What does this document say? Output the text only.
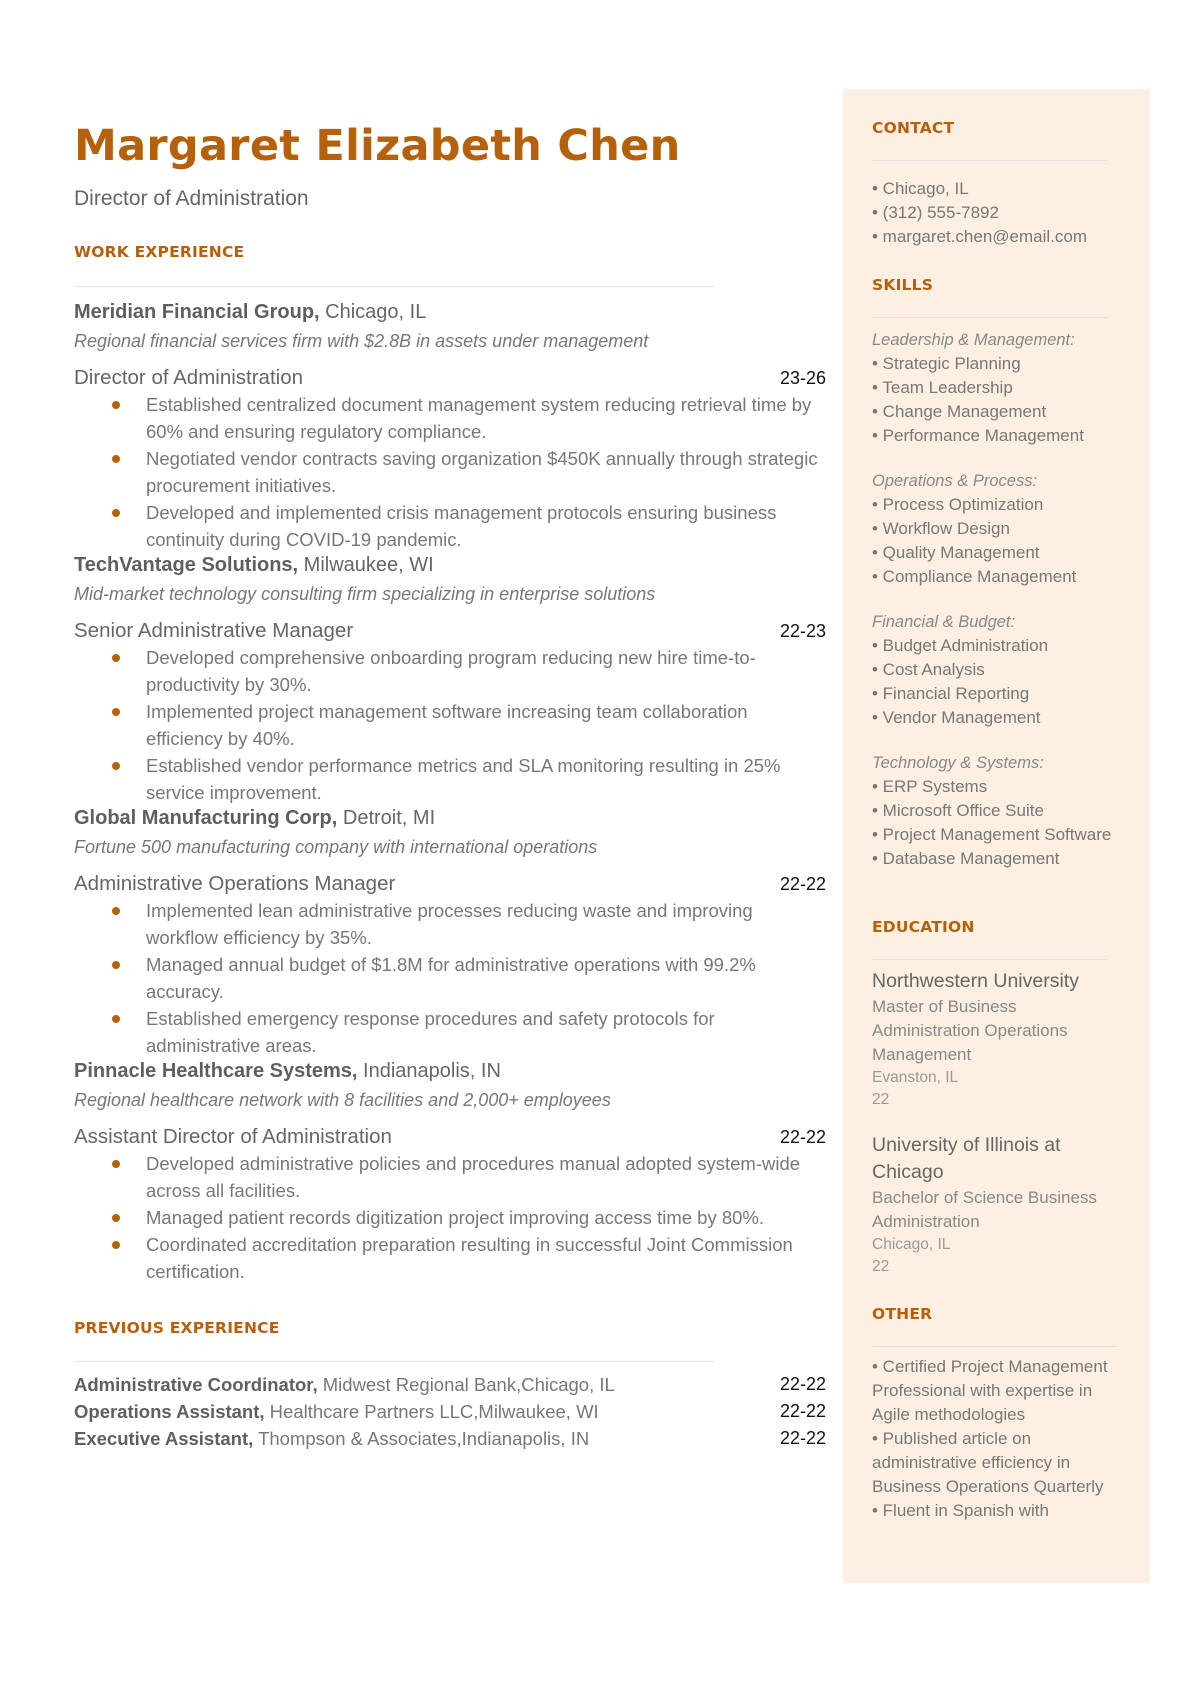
Margaret Elizabeth Chen
Director of Administration
WORK EXPERIENCE
Meridian Financial Group, Chicago, IL
Regional financial services firm with $2.8B in assets under management
Director of Administration	23-26
Established centralized document management system reducing retrieval time by 60% and ensuring regulatory compliance.
Negotiated vendor contracts saving organization $450K annually through strategic procurement initiatives.
Developed and implemented crisis management protocols ensuring business continuity during COVID-19 pandemic.
TechVantage Solutions, Milwaukee, WI
Mid-market technology consulting firm specializing in enterprise solutions
Senior Administrative Manager	22-23
Developed comprehensive onboarding program reducing new hire time-to-productivity by 30%.
Implemented project management software increasing team collaboration efficiency by 40%.
Established vendor performance metrics and SLA monitoring resulting in 25% service improvement.
Global Manufacturing Corp, Detroit, MI
Fortune 500 manufacturing company with international operations
Administrative Operations Manager	22-22
Implemented lean administrative processes reducing waste and improving workflow efficiency by 35%.
Managed annual budget of $1.8M for administrative operations with 99.2% accuracy.
Established emergency response procedures and safety protocols for administrative areas.
Pinnacle Healthcare Systems, Indianapolis, IN
Regional healthcare network with 8 facilities and 2,000+ employees
Assistant Director of Administration	22-22
Developed administrative policies and procedures manual adopted system-wide across all facilities.
Managed patient records digitization project improving access time by 80%.
Coordinated accreditation preparation resulting in successful Joint Commission certification.
PREVIOUS EXPERIENCE
Administrative Coordinator, Midwest Regional Bank,Chicago, IL	22-22
Operations Assistant, Healthcare Partners LLC,Milwaukee, WI	22-22
Executive Assistant, Thompson & Associates,Indianapolis, IN	22-22
CONTACT
• Chicago, IL
• (312) 555-7892
• margaret.chen@email.com
SKILLS
Leadership & Management:
• Strategic Planning
• Team Leadership
• Change Management
• Performance Management
Operations & Process:
• Process Optimization
• Workflow Design
• Quality Management
• Compliance Management
Financial & Budget:
• Budget Administration
• Cost Analysis
• Financial Reporting
• Vendor Management
Technology & Systems:
• ERP Systems
• Microsoft Office Suite
• Project Management Software
• Database Management
EDUCATION
Northwestern University
Master of Business Administration Operations Management
Evanston, IL
22
University of Illinois at Chicago
Bachelor of Science Business Administration
Chicago, IL
22
OTHER
• Certified Project Management Professional with expertise in Agile methodologies
• Published article on administrative efficiency in Business Operations Quarterly
• Fluent in Spanish with
